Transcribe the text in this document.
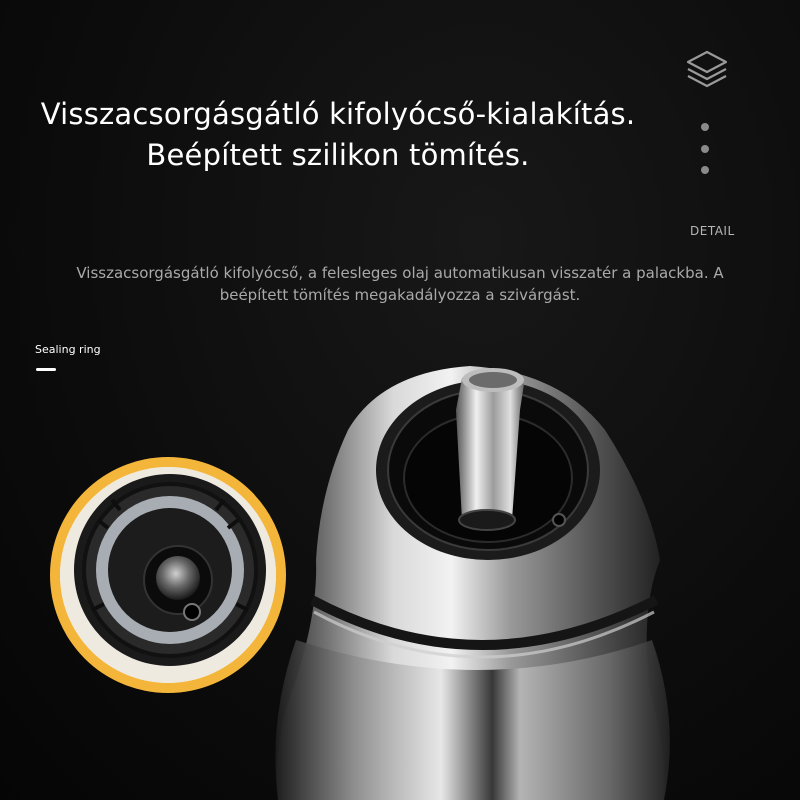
Visszacsorgásgátló kifolyócső-kialakítás.
Beépített szilikon tömítés.
Visszacsorgásgátló kifolyócső, a felesleges olaj automatikusan visszatér a palackba. A
beépített tömítés megakadályozza a szivárgást.
DETAIL
Sealing ring
